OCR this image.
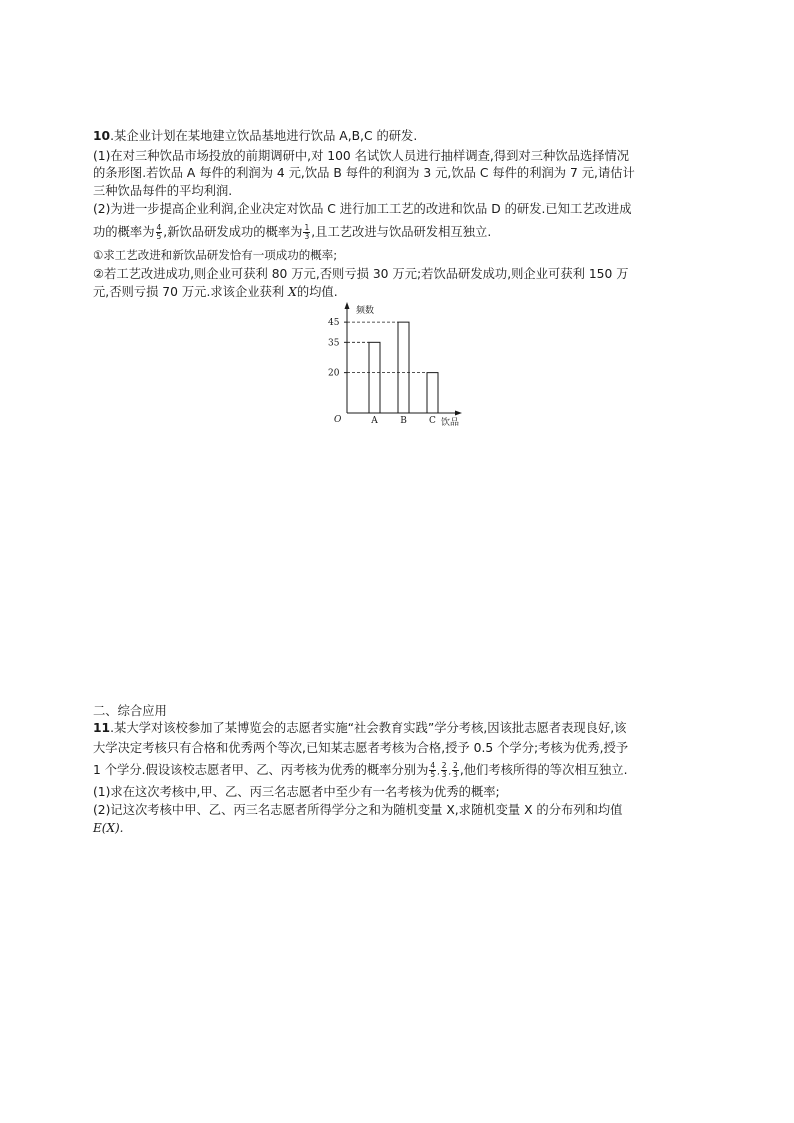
10.某企业计划在某地建立饮品基地进行饮品 A,B,C 的研发.
(1)在对三种饮品市场投放的前期调研中,对 100 名试饮人员进行抽样调查,得到对三种饮品选择情况
的条形图.若饮品 A 每件的利润为 4 元,饮品 B 每件的利润为 3 元,饮品 C 每件的利润为 7 元,请估计
三种饮品每件的平均利润.
(2)为进一步提高企业利润,企业决定对饮品 C 进行加工工艺的改进和饮品 D 的研发.已知工艺改进成
功的概率为 $\frac{4}{5}$ ,新饮品研发成功的概率为 $\frac{1}{3}$ ,且工艺改进与饮品研发相互独立.
①求工艺改进和新饮品研发恰有一项成功的概率;
②若工艺改进成功,则企业可获利 80 万元,否则亏损 30 万元;若饮品研发成功,则企业可获利 150 万
元,否则亏损 70 万元.求该企业获利 X的均值.
频数
饮品
O	A B C
20
35
45
二、综合应用
11.某大学对该校参加了某博览会的志愿者实施“社会教育实践”学分考核,因该批志愿者表现良好,该
大学决定考核只有合格和优秀两个等次,已知某志愿者考核为合格,授予 0.5 个学分;考核为优秀,授予
1 个学分.假设该校志愿者甲、乙、丙考核为优秀的概率分别为 $\frac{4}{5}$ , $\frac{2}{3}$ , $\frac{2}{3}$ ,他们考核所得的等次相互独立.
(1)求在这次考核中,甲、乙、丙三名志愿者中至少有一名考核为优秀的概率;
(2)记这次考核中甲、乙、丙三名志愿者所得学分之和为随机变量 X,求随机变量 X 的分布列和均值
E(X).
